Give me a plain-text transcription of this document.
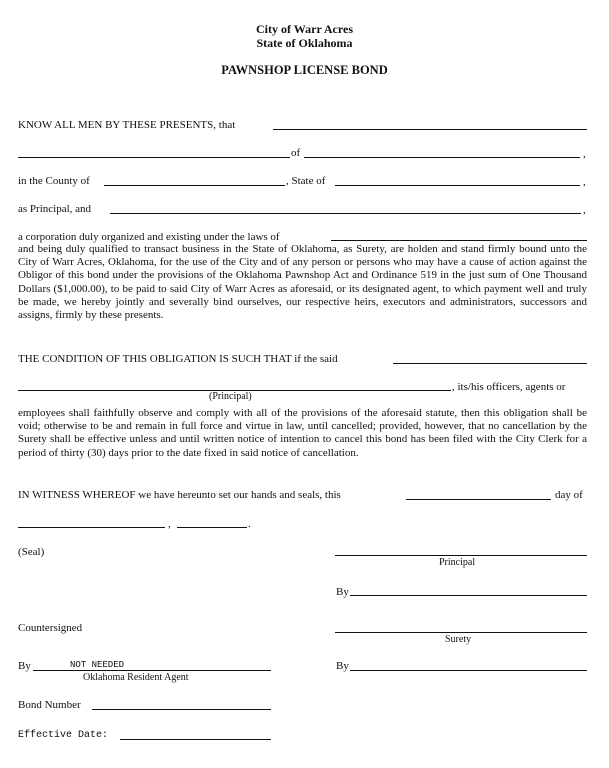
City of Warr Acres
State of Oklahoma
PAWNSHOP LICENSE BOND
KNOW ALL MEN BY THESE PRESENTS, that
of	,
in the County of	, State of	,
as Principal, and	,
a corporation duly organized and existing under the laws of
and being duly qualified to transact business in the State of Oklahoma, as Surety, are holden and stand firmly bound unto the City of Warr Acres, Oklahoma, for the use of the City and of any person or persons who may have a cause of action against the Obligor of this bond under the provisions of the Oklahoma Pawnshop Act and Ordinance 519 in the just sum of One Thousand Dollars ($1,000.00), to be paid to said City of Warr Acres as aforesaid, or its designated agent, to which payment well and truly be made, we hereby jointly and severally bind ourselves, our respective heirs, executors and administrators, successors and assigns, firmly by these presents.
THE CONDITION OF THIS OBLIGATION IS SUCH THAT if the said
, its/his officers, agents or
(Principal)
employees shall faithfully observe and comply with all of the provisions of the aforesaid statute, then this obligation shall be void; otherwise to be and remain in full force and virtue in law, until cancelled; provided, however, that no cancellation by the Surety shall be effective unless and until written notice of intention to cancel this bond has been filed with the City Clerk for a period of thirty (30) days prior to the date fixed in said notice of cancellation.
IN WITNESS WHEREOF we have hereunto set our hands and seals, this	day of
,	.
(Seal)
Principal
By
Countersigned
Surety
By	NOT NEEDED
Oklahoma Resident Agent
By
Bond Number
Effective Date:
